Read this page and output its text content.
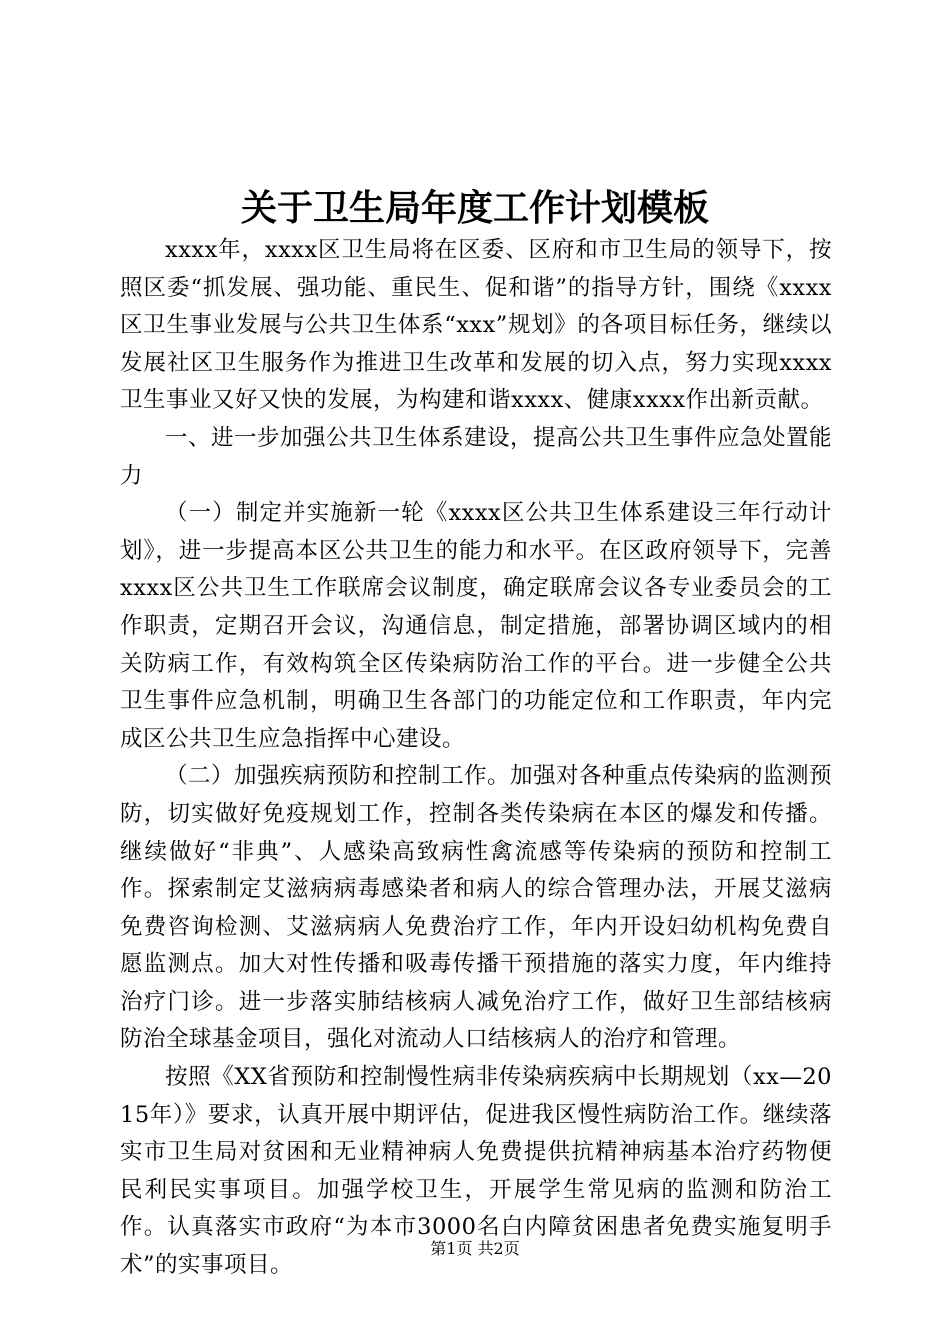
关于卫生局年度工作计划模板

xxxx年，xxxx区卫生局将在区委、区府和市卫生局的领导下，按照区委“抓发展、强功能、重民生、促和谐”的指导方针，围绕《xxxx区卫生事业发展与公共卫生体系“xxx”规划》的各项目标任务，继续以发展社区卫生服务作为推进卫生改革和发展的切入点，努力实现xxxx卫生事业又好又快的发展，为构建和谐xxxx、健康xxxx作出新贡献。

一、进一步加强公共卫生体系建设，提高公共卫生事件应急处置能力

（一）制定并实施新一轮《xxxx区公共卫生体系建设三年行动计划》，进一步提高本区公共卫生的能力和水平。在区政府领导下，完善xxxx区公共卫生工作联席会议制度，确定联席会议各专业委员会的工作职责，定期召开会议，沟通信息，制定措施，部署协调区域内的相关防病工作，有效构筑全区传染病防治工作的平台。进一步健全公共卫生事件应急机制，明确卫生各部门的功能定位和工作职责，年内完成区公共卫生应急指挥中心建设。

（二）加强疾病预防和控制工作。加强对各种重点传染病的监测预防，切实做好免疫规划工作，控制各类传染病在本区的爆发和传播。继续做好“非典”、人感染高致病性禽流感等传染病的预防和控制工作。探索制定艾滋病病毒感染者和病人的综合管理办法，开展艾滋病免费咨询检测、艾滋病病人免费治疗工作，年内开设妇幼机构免费自愿监测点。加大对性传播和吸毒传播干预措施的落实力度，年内维持治疗门诊。进一步落实肺结核病人减免治疗工作，做好卫生部结核病防治全球基金项目，强化对流动人口结核病人的治疗和管理。

按照《XX省预防和控制慢性病非传染病疾病中长期规划（xx—2015年）》要求，认真开展中期评估，促进我区慢性病防治工作。继续落实市卫生局对贫困和无业精神病人免费提供抗精神病基本治疗药物便民利民实事项目。加强学校卫生，开展学生常见病的监测和防治工作。认真落实市政府“为本市3000名白内障贫困患者免费实施复明手术”的实事项目。

第1页 共2页
